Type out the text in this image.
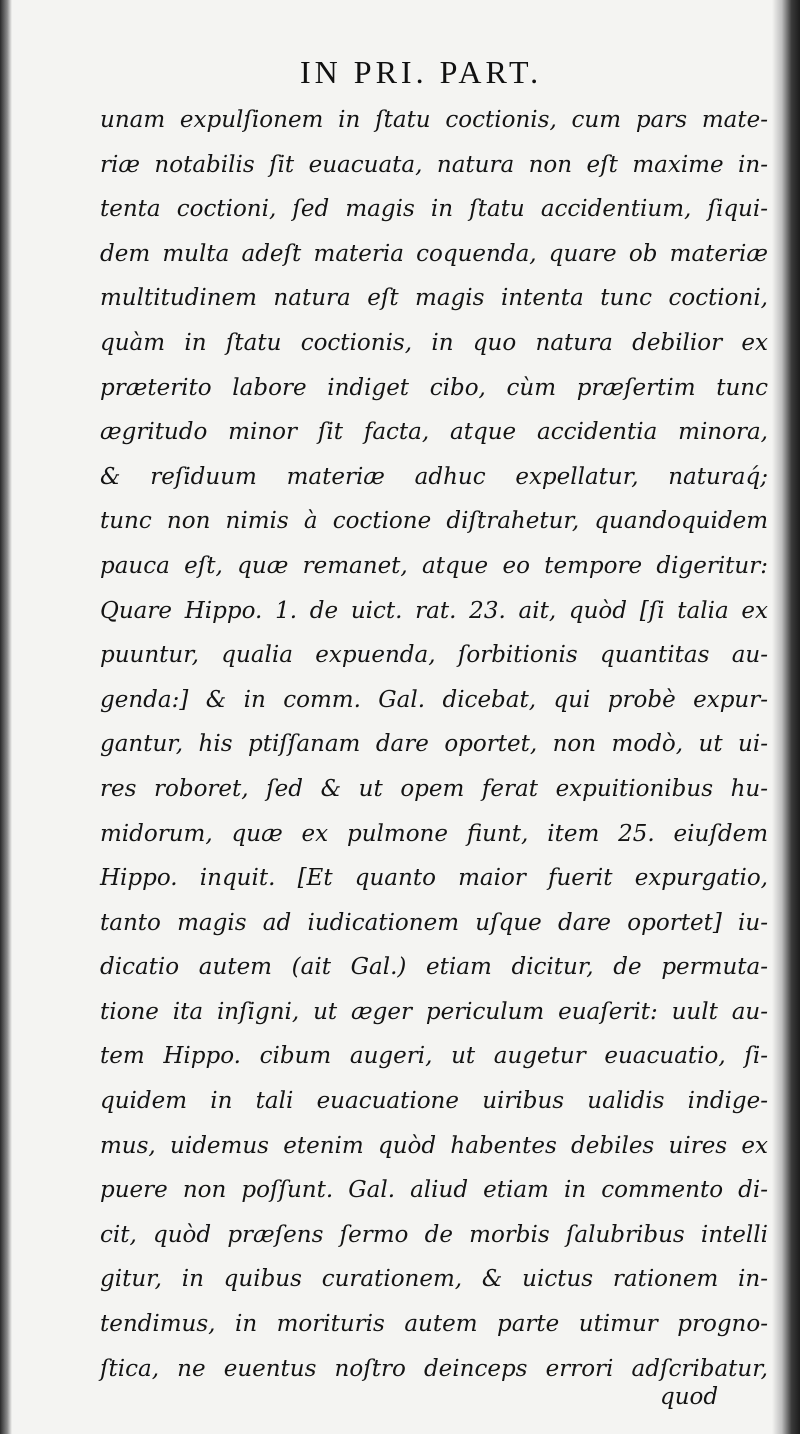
IN PRI. PART.
unam expulſionem in ſtatu coctionis, cum pars mate-
riæ notabilis ſit euacuata, natura non eſt maxime in-
tenta coctioni, ſed magis in ſtatu accidentium, ſiqui-
dem multa adeſt materia coquenda, quare ob materiæ
multitudinem natura eſt magis intenta tunc coctioni,
quàm in ſtatu coctionis, in quo natura debilior ex
præterito labore indiget cibo, cùm præſertim tunc
ægritudo minor ſit facta, atque accidentia minora,
& reſiduum materiæ adhuc expellatur, naturaq́;
tunc non nimis à coctione diſtrahetur, quandoquidem
pauca eſt, quæ remanet, atque eo tempore digeritur:
Quare Hippo. 1. de uict. rat. 23. ait, quòd [ſi talia ex
puuntur, qualia expuenda, ſorbitionis quantitas au-
genda:] & in comm. Gal. dicebat, qui probè expur-
gantur, his ptiſſanam dare oportet, non modò, ut ui-
res roboret, ſed & ut opem ferat expuitionibus hu-
midorum, quæ ex pulmone fiunt, item 25. eiuſdem
Hippo. inquit. [Et quanto maior fuerit expurgatio,
tanto magis ad iudicationem uſque dare oportet] iu-
dicatio autem (ait Gal.) etiam dicitur, de permuta-
tione ita inſigni, ut æger periculum euaſerit: uult au-
tem Hippo. cibum augeri, ut augetur euacuatio, ſi-
quidem in tali euacuatione uiribus ualidis indige-
mus, uidemus etenim quòd habentes debiles uires ex
puere non poſſunt. Gal. aliud etiam in commento di-
cit, quòd præſens ſermo de morbis ſalubribus intelli
gitur, in quibus curationem, & uictus rationem in-
tendimus, in morituris autem parte utimur progno-
ſtica, ne euentus noſtro deinceps errori adſcribatur,
quod
